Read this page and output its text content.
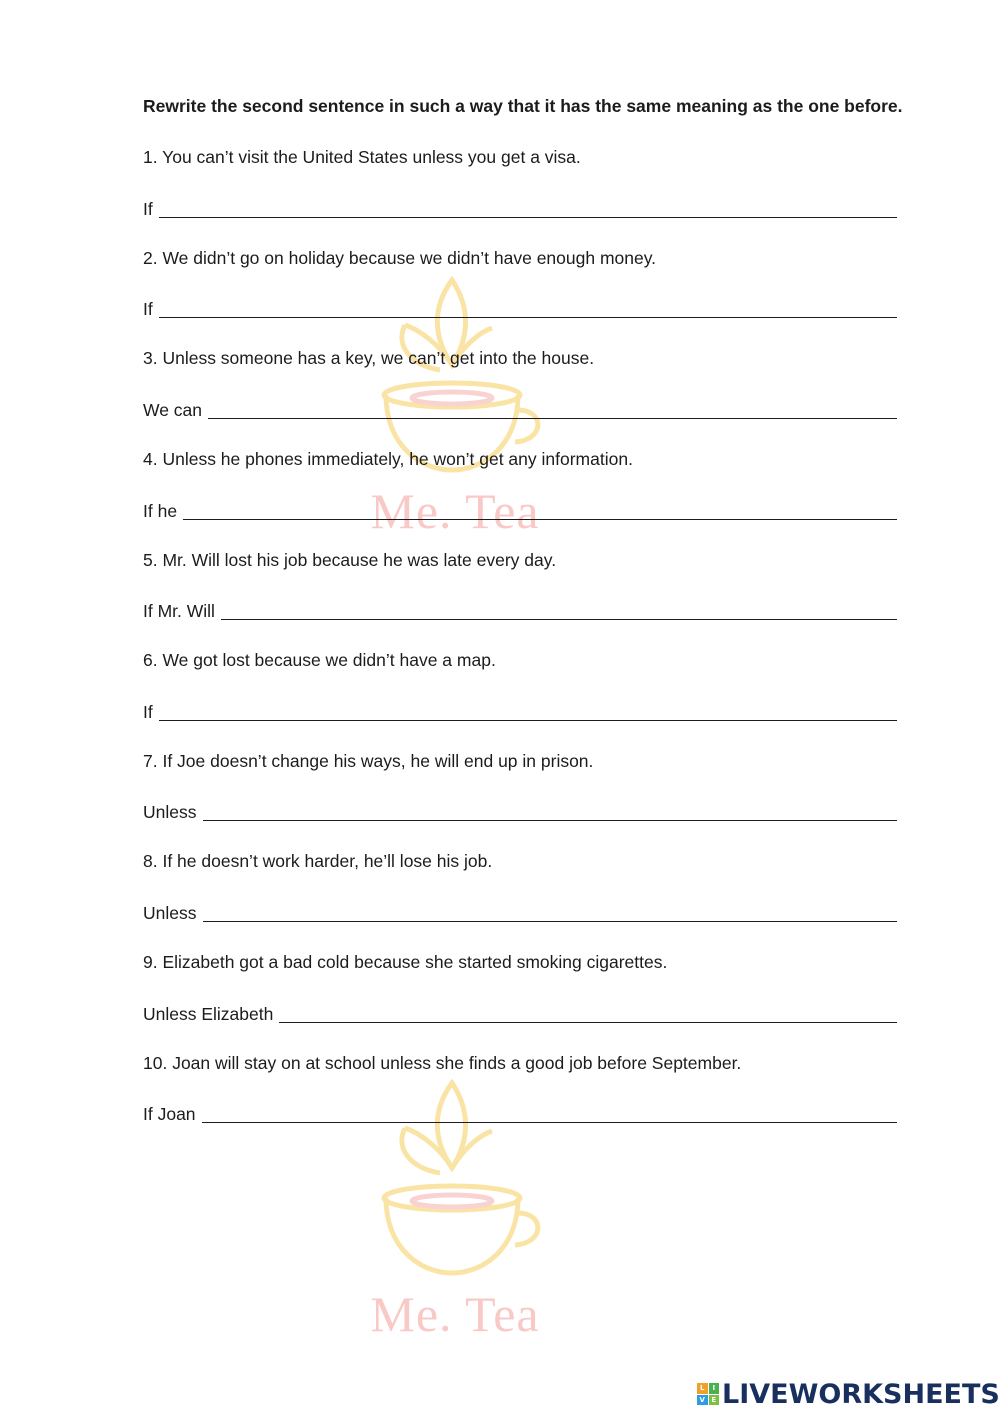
Me. Tea
Me. Tea
Rewrite the second sentence in such a way that it has the same meaning as the one before.
1. You can’t visit the United States unless you get a visa.
If
2. We didn’t go on holiday because we didn’t have enough money.
If
3. Unless someone has a key, we can’t get into the house.
We can
4. Unless he phones immediately, he won’t get any information.
If he
5. Mr. Will lost his job because he was late every day.
If Mr. Will
6. We got lost because we didn’t have a map.
If
7. If Joe doesn’t change his ways, he will end up in prison.
Unless
8. If he doesn’t work harder, he’ll lose his job.
Unless
9. Elizabeth got a bad cold because she started smoking cigarettes.
Unless Elizabeth
10. Joan will stay on at school unless she finds a good job before September.
If Joan
L	I
V E LIVEWORKSHEETS
